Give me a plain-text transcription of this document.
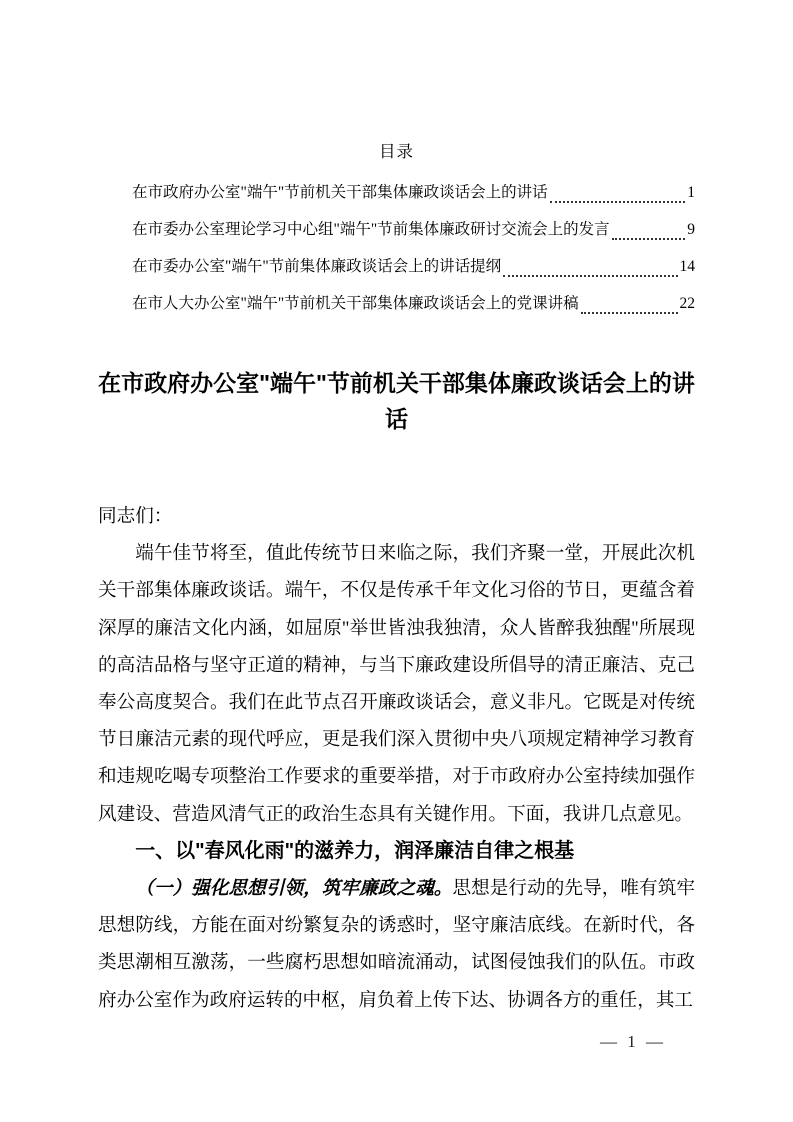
目录
在市政府办公室"端午"节前机关干部集体廉政谈话会上的讲话	1
在市委办公室理论学习中心组"端午"节前集体廉政研讨交流会上的发言	9
在市委办公室"端午"节前集体廉政谈话会上的讲话提纲	14
在市人大办公室"端午"节前机关干部集体廉政谈话会上的党课讲稿	22
在市政府办公室"端午"节前机关干部集体廉政谈话会上的讲话

同志们：

端午佳节将至，值此传统节日来临之际，我们齐聚一堂，开展此次机关干部集体廉政谈话。端午，不仅是传承千年文化习俗的节日，更蕴含着深厚的廉洁文化内涵，如屈原"举世皆浊我独清，众人皆醉我独醒"所展现的高洁品格与坚守正道的精神，与当下廉政建设所倡导的清正廉洁、克己奉公高度契合。我们在此节点召开廉政谈话会，意义非凡。它既是对传统节日廉洁元素的现代呼应，更是我们深入贯彻中央八项规定精神学习教育和违规吃喝专项整治工作要求的重要举措，对于市政府办公室持续加强作风建设、营造风清气正的政治生态具有关键作用。下面，我讲几点意见。

一、以"春风化雨"的滋养力，润泽廉洁自律之根基

（一）强化思想引领，筑牢廉政之魂。思想是行动的先导，唯有筑牢思想防线，方能在面对纷繁复杂的诱惑时，坚守廉洁底线。在新时代，各类思潮相互激荡，一些腐朽思想如暗流涌动，试图侵蚀我们的队伍。市政府办公室作为政府运转的中枢，肩负着上传下达、协调各方的重任，其工

— 1 —
